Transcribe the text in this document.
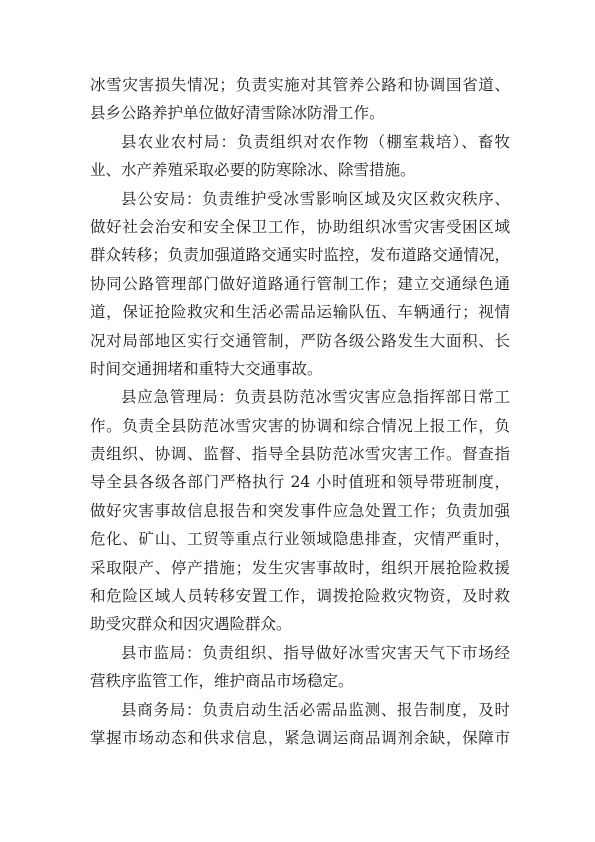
冰雪灾害损失情况；负责实施对其管养公路和协调国省道、
县乡公路养护单位做好清雪除冰防滑工作。
县农业农村局：负责组织对农作物（棚室栽培）、畜牧
业、水产养殖采取必要的防寒除冰、除雪措施。
县公安局：负责维护受冰雪影响区域及灾区救灾秩序、
做好社会治安和安全保卫工作，协助组织冰雪灾害受困区域
群众转移；负责加强道路交通实时监控，发布道路交通情况，
协同公路管理部门做好道路通行管制工作；建立交通绿色通
道，保证抢险救灾和生活必需品运输队伍、车辆通行；视情
况对局部地区实行交通管制，严防各级公路发生大面积、长
时间交通拥堵和重特大交通事故。
县应急管理局：负责县防范冰雪灾害应急指挥部日常工
作。负责全县防范冰雪灾害的协调和综合情况上报工作，负
责组织、协调、监督、指导全县防范冰雪灾害工作。督查指
导全县各级各部门严格执行 24 小时值班和领导带班制度，
做好灾害事故信息报告和突发事件应急处置工作；负责加强
危化、矿山、工贸等重点行业领域隐患排查，灾情严重时，
采取限产、停产措施；发生灾害事故时，组织开展抢险救援
和危险区域人员转移安置工作，调拨抢险救灾物资，及时救
助受灾群众和因灾遇险群众。
县市监局：负责组织、指导做好冰雪灾害天气下市场经
营秩序监管工作，维护商品市场稳定。
县商务局：负责启动生活必需品监测、报告制度，及时
掌握市场动态和供求信息，紧急调运商品调剂余缺，保障市
